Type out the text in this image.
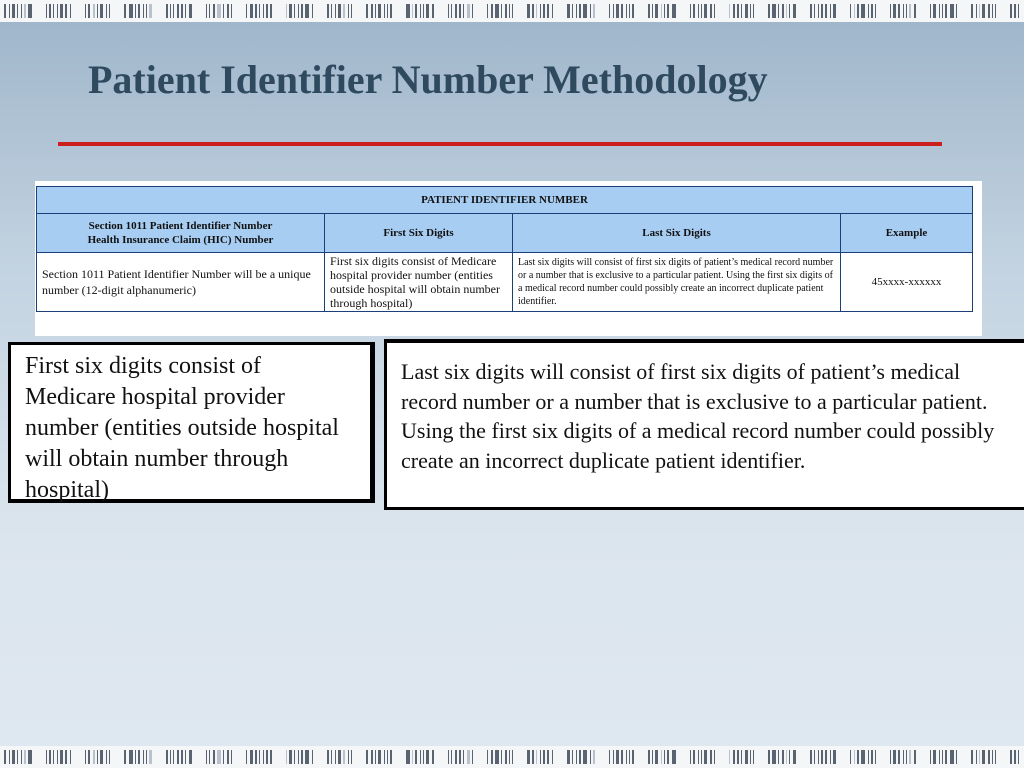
Patient Identifier Number Methodology
PATIENT IDENTIFIER NUMBER			
Section 1011 Patient Identifier Number
Health Insurance Claim (HIC) Number	First Six Digits	Last Six Digits	Example
Section 1011 Patient Identifier Number will be a unique number (12-digit alphanumeric)	First six digits consist of Medicare hospital provider number (entities outside hospital will obtain number through hospital)	Last six digits will consist of first six digits of patient’s medical record number or a number that is exclusive to a particular patient. Using the first six digits of a medical record number could possibly create an incorrect duplicate patient identifier.	45xxxx-xxxxxx
First six digits consist of Medicare hospital provider number (entities outside hospital will obtain number through hospital)
Last six digits will consist of first six digits of patient’s medical record number or a number that is exclusive to a particular patient. Using the first six digits of a medical record number could possibly create an incorrect duplicate patient identifier.
